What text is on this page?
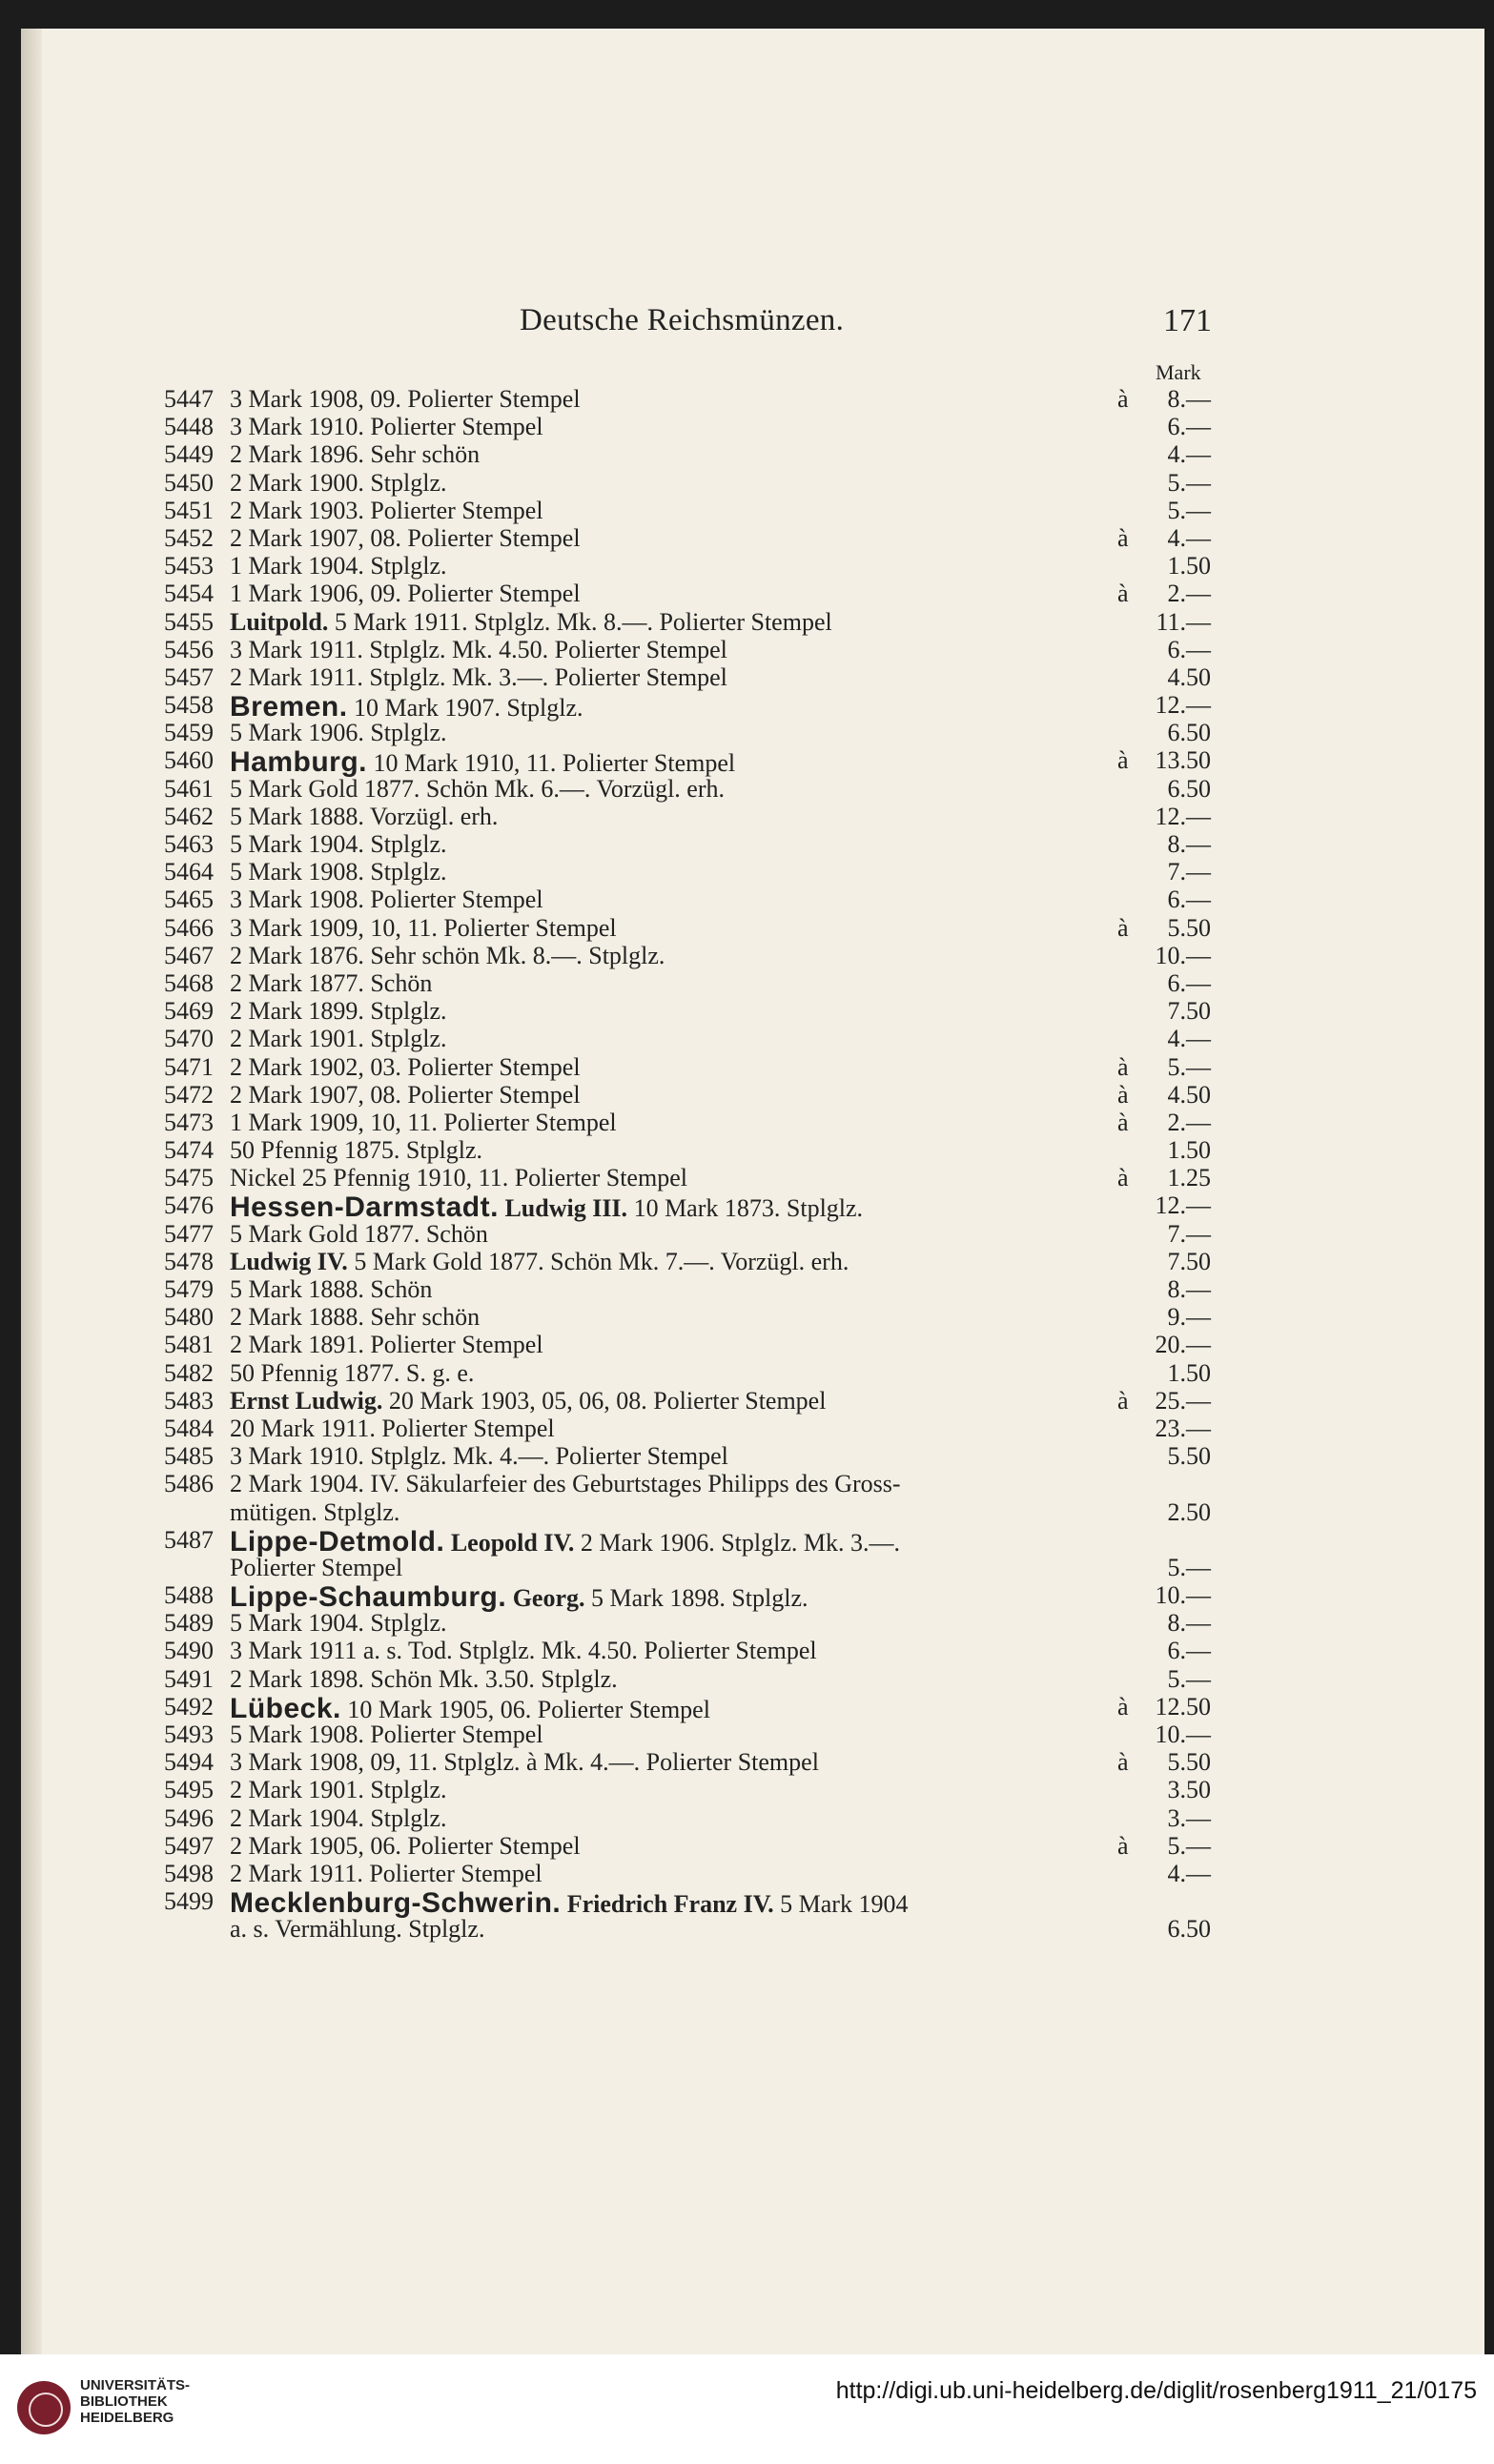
Deutsche Reichsmünzen.	171
Mark
5447 3 Mark 1908, 09. Polierter Stempel	à 8.—
5448 3 Mark 1910. Polierter Stempel	6.—
5449 2 Mark 1896. Sehr schön	4.—
5450 2 Mark 1900. Stplglz.	5.—
5451 2 Mark 1903. Polierter Stempel	5.—
5452 2 Mark 1907, 08. Polierter Stempel	à 4.—
5453 1 Mark 1904. Stplglz.	1.50
5454 1 Mark 1906, 09. Polierter Stempel	à 2.—
5455 Luitpold. 5 Mark 1911. Stplglz. Mk. 8.—. Polierter Stempel	11.—
5456 3 Mark 1911. Stplglz. Mk. 4.50. Polierter Stempel	6.—
5457 2 Mark 1911. Stplglz. Mk. 3.—. Polierter Stempel	4.50
5458 Bremen. 10 Mark 1907. Stplglz.	12.—
5459 5 Mark 1906. Stplglz.	6.50
5460 Hamburg. 10 Mark 1910, 11. Polierter Stempel	à 13.50
5461 5 Mark Gold 1877. Schön Mk. 6.—. Vorzügl. erh.	6.50
5462 5 Mark 1888. Vorzügl. erh.	12.—
5463 5 Mark 1904. Stplglz.	8.—
5464 5 Mark 1908. Stplglz.	7.—
5465 3 Mark 1908. Polierter Stempel	6.—
5466 3 Mark 1909, 10, 11. Polierter Stempel	à 5.50
5467 2 Mark 1876. Sehr schön Mk. 8.—. Stplglz.	10.—
5468 2 Mark 1877. Schön	6.—
5469 2 Mark 1899. Stplglz.	7.50
5470 2 Mark 1901. Stplglz.	4.—
5471 2 Mark 1902, 03. Polierter Stempel	à 5.—
5472 2 Mark 1907, 08. Polierter Stempel	à 4.50
5473 1 Mark 1909, 10, 11. Polierter Stempel	à 2.—
5474 50 Pfennig 1875. Stplglz.	1.50
5475 Nickel 25 Pfennig 1910, 11. Polierter Stempel	à 1.25
5476 Hessen-Darmstadt. Ludwig III. 10 Mark 1873. Stplglz.	12.—
5477 5 Mark Gold 1877. Schön	7.—
5478 Ludwig IV. 5 Mark Gold 1877. Schön Mk. 7.—. Vorzügl. erh.	7.50
5479 5 Mark 1888. Schön	8.—
5480 2 Mark 1888. Sehr schön	9.—
5481 2 Mark 1891. Polierter Stempel	20.—
5482 50 Pfennig 1877. S. g. e.	1.50
5483 Ernst Ludwig. 20 Mark 1903, 05, 06, 08. Polierter Stempel	à 25.—
5484 20 Mark 1911. Polierter Stempel	23.—
5485 3 Mark 1910. Stplglz. Mk. 4.—. Polierter Stempel	5.50
5486 2 Mark 1904. IV. Säkularfeier des Geburtstages Philipps des Gross-
mütigen. Stplglz.	2.50
5487 Lippe-Detmold. Leopold IV. 2 Mark 1906. Stplglz. Mk. 3.—.
Polierter Stempel	5.—
5488 Lippe-Schaumburg. Georg. 5 Mark 1898. Stplglz.	10.—
5489 5 Mark 1904. Stplglz.	8.—
5490 3 Mark 1911 a. s. Tod. Stplglz. Mk. 4.50. Polierter Stempel	6.—
5491 2 Mark 1898. Schön Mk. 3.50. Stplglz.	5.—
5492 Lübeck. 10 Mark 1905, 06. Polierter Stempel	à 12.50
5493 5 Mark 1908. Polierter Stempel	10.—
5494 3 Mark 1908, 09, 11. Stplglz. à Mk. 4.—. Polierter Stempel	à 5.50
5495 2 Mark 1901. Stplglz.	3.50
5496 2 Mark 1904. Stplglz.	3.—
5497 2 Mark 1905, 06. Polierter Stempel	à 5.—
5498 2 Mark 1911. Polierter Stempel	4.—
5499 Mecklenburg-Schwerin. Friedrich Franz IV. 5 Mark 1904
a. s. Vermählung. Stplglz.	6.50
UNIVERSITÄTS-
BIBLIOTHEK
HEIDELBERG
http://digi.ub.uni-heidelberg.de/diglit/rosenberg1911_21/0175
